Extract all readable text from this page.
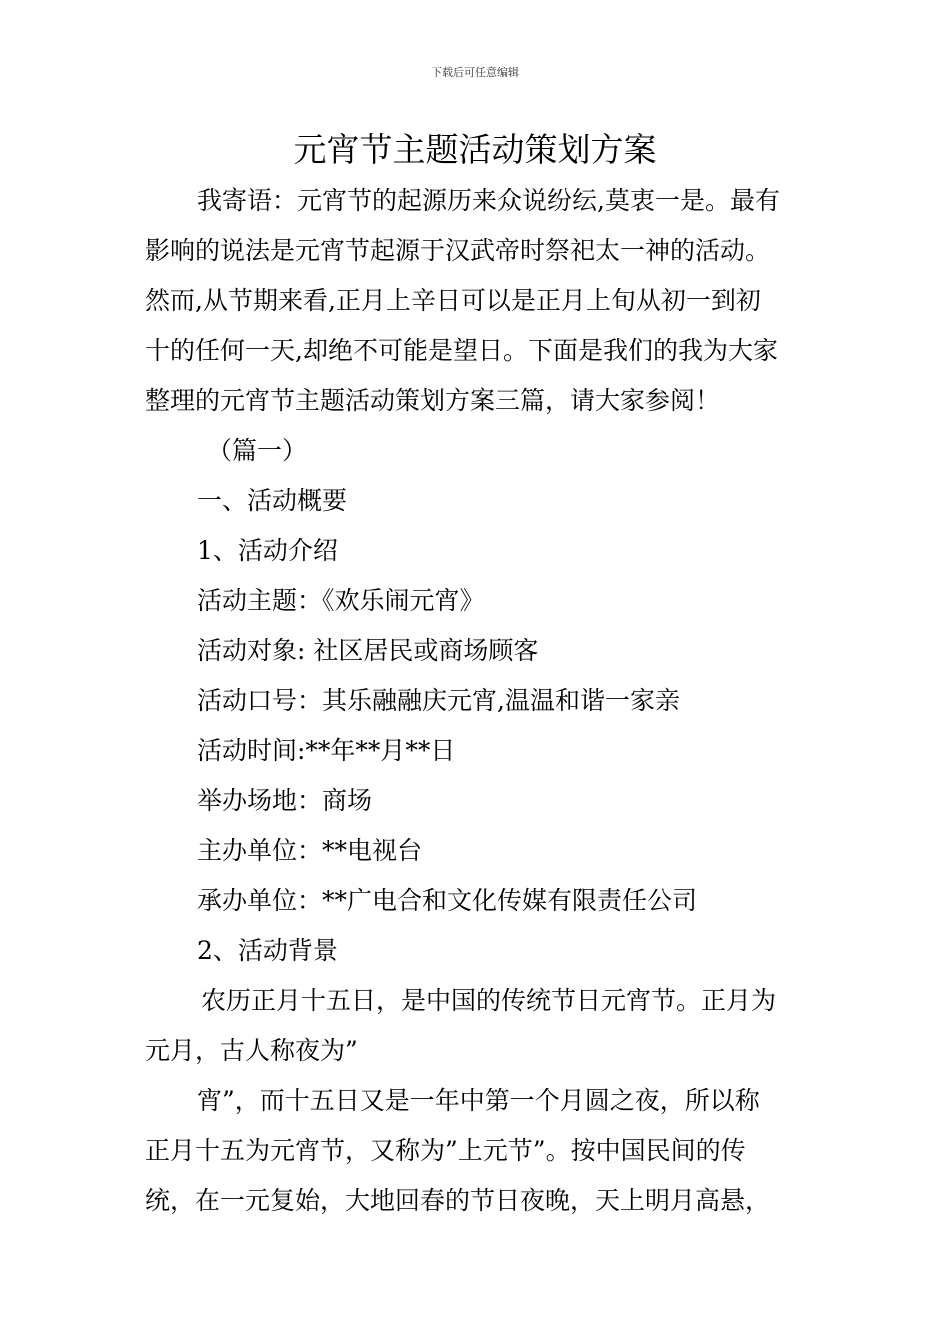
下载后可任意编辑
元宵节主题活动策划方案

我寄语：元宵节的起源历来众说纷纭,莫衷一是。最有

影响的说法是元宵节起源于汉武帝时祭祀太一神的活动。

然而,从节期来看,正月上辛日可以是正月上旬从初一到初

十的任何一天,却绝不可能是望日。下面是我们的我为大家

整理的元宵节主题活动策划方案三篇，请大家参阅！

（篇一）

一、活动概要

1、活动介绍

活动主题：《欢乐闹元宵》

活动对象: 社区居民或商场顾客

活动口号：其乐融融庆元宵,温温和谐一家亲

活动时间:**年**月**日

举办场地：商场

主办单位：**电视台

承办单位：**广电合和文化传媒有限责任公司

2、活动背景

农历正月十五日，是中国的传统节日元宵节。正月为

元月，古人称夜为”

宵”，而十五日又是一年中第一个月圆之夜，所以称

正月十五为元宵节，又称为”上元节”。按中国民间的传

统，在一元复始，大地回春的节日夜晚，天上明月高悬，
